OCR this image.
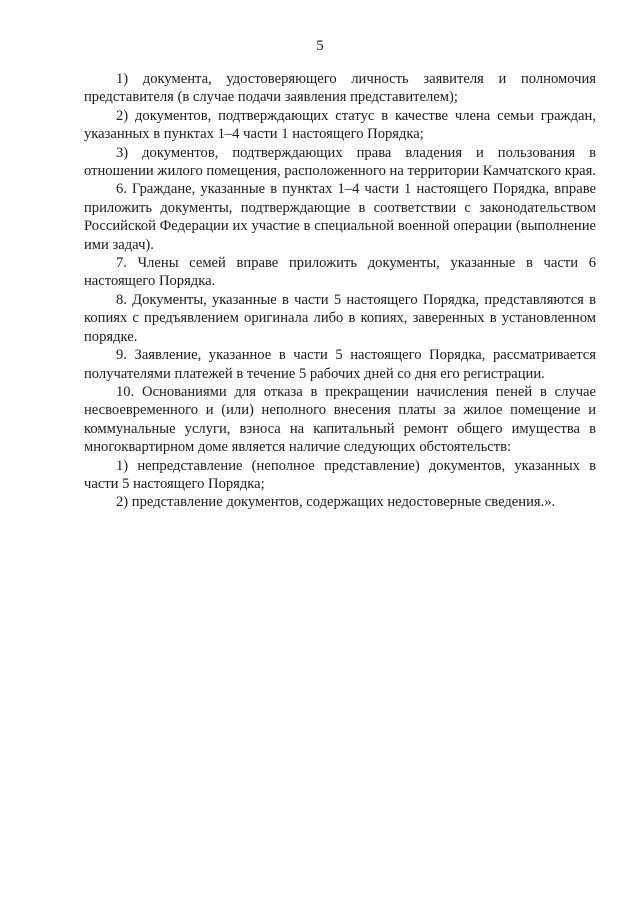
5

1) документа, удостоверяющего личность заявителя и полномочия представителя (в случае подачи заявления представителем);

2) документов, подтверждающих статус в качестве члена семьи граждан, указанных в пунктах 1–4 части 1 настоящего Порядка;

3) документов, подтверждающих права владения и пользования в отношении жилого помещения, расположенного на территории Камчатского края.

6. Граждане, указанные в пунктах 1–4 части 1 настоящего Порядка, вправе приложить документы, подтверждающие в соответствии с законодательством Российской Федерации их участие в специальной военной операции (выполнение ими задач).

7. Члены семей вправе приложить документы, указанные в части 6 настоящего Порядка.

8. Документы, указанные в части 5 настоящего Порядка, представляются в копиях с предъявлением оригинала либо в копиях, заверенных в установленном порядке.

9. Заявление, указанное в части 5 настоящего Порядка, рассматривается получателями платежей в течение 5 рабочих дней со дня его регистрации.

10. Основаниями для отказа в прекращении начисления пеней в случае несвоевременного и (или) неполного внесения платы за жилое помещение и коммунальные услуги, взноса на капитальный ремонт общего имущества в многоквартирном доме является наличие следующих обстоятельств:

1) непредставление (неполное представление) документов, указанных в части 5 настоящего Порядка;

2) представление документов, содержащих недостоверные сведения.».
